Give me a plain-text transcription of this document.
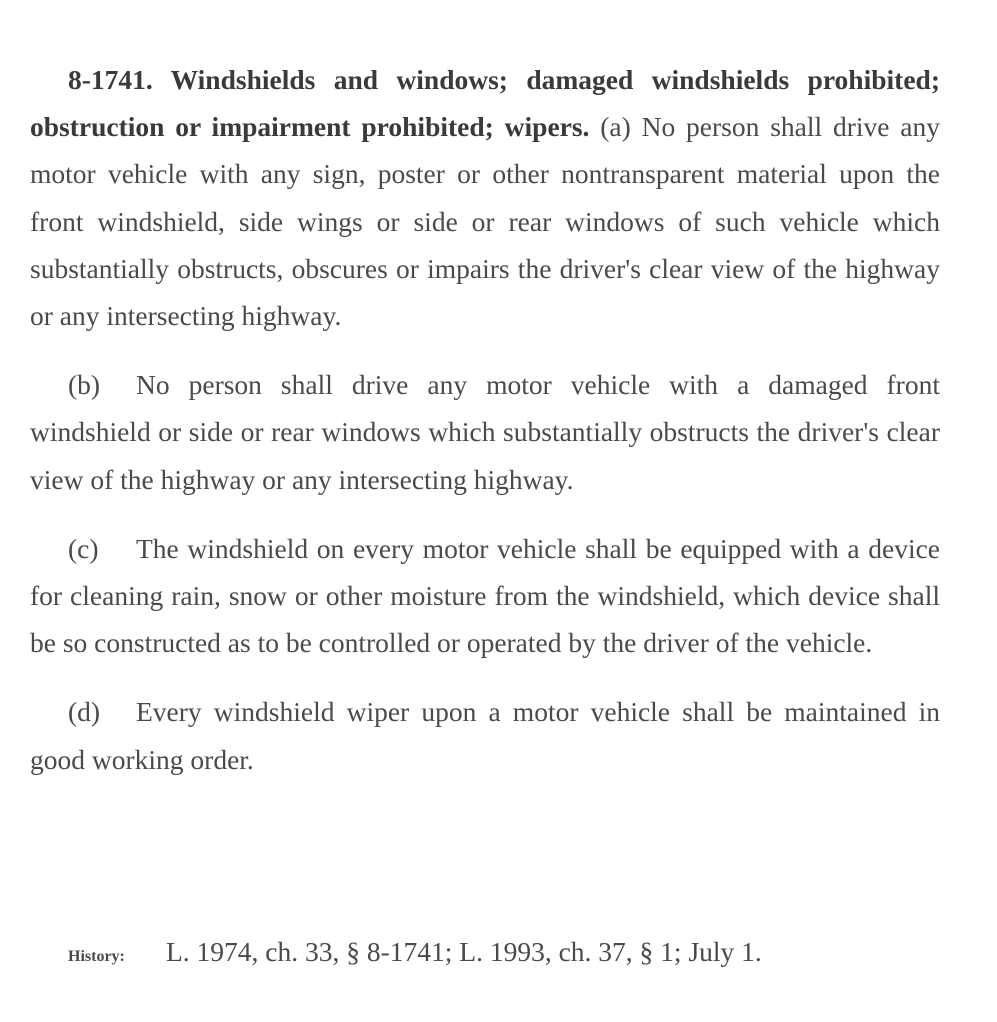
8-1741. Windshields and windows; damaged windshields prohibited; obstruction or impairment prohibited; wipers. (a) No person shall drive any motor vehicle with any sign, poster or other nontransparent material upon the front windshield, side wings or side or rear windows of such vehicle which substantially obstructs, obscures or impairs the driver's clear view of the highway or any intersecting highway.

(b) No person shall drive any motor vehicle with a damaged front windshield or side or rear windows which substantially obstructs the driver's clear view of the highway or any intersecting highway.

(c) The windshield on every motor vehicle shall be equipped with a device for cleaning rain, snow or other moisture from the windshield, which device shall be so constructed as to be controlled or operated by the driver of the vehicle.

(d) Every windshield wiper upon a motor vehicle shall be maintained in good working order.

History: L. 1974, ch. 33, § 8-1741; L. 1993, ch. 37, § 1; July 1.
